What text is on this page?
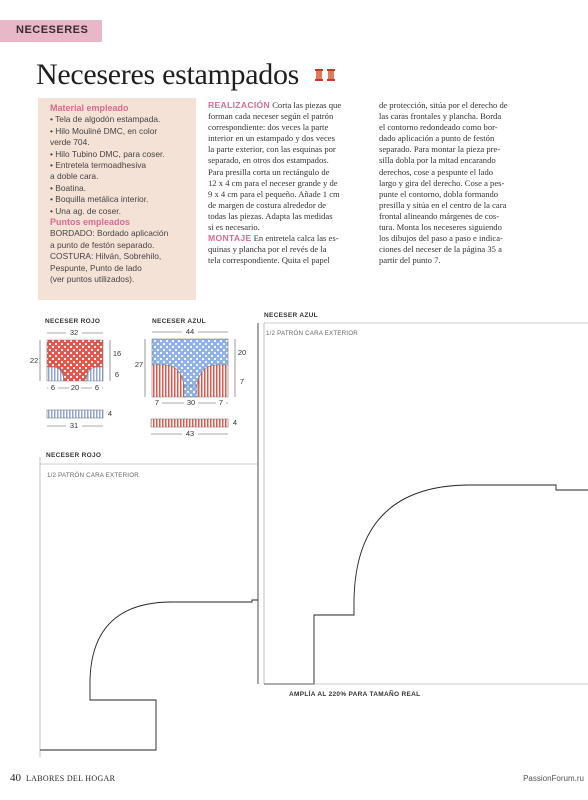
NECESERES
Neceseres estampados
Material empleado
• Tela de algodón estampada.
• Hilo Mouliné DMC, en color
verde 704.
• Hilo Tubino DMC, para coser.
• Entretela termoadhesiva
a doble cara.
• Boatina.
• Boquilla metálica interior.
• Una ag. de coser.
Puntos empleados
BORDADO: Bordado aplicación
a punto de festón separado.
COSTURA: Hilván, Sobrehilo,
Pespunte, Punto de lado
(ver puntos utilizados).
REALIZACIÓN Corta las piezas que
forman cada neceser según el patrón
correspondiente: dos veces la parte
interior en un estampado y dos veces
la parte exterior, con las esquinas por
separado, en otros dos estampados.
Para presilla corta un rectángulo de
12 x 4 cm para el neceser grande y de
9 x 4 cm para el pequeño. Añade 1 cm
de margen de costura alrededor de
todas las piezas. Adapta las medidas
si es necesario.
MONTAJE En entretela calca las es-
quinas y plancha por el revés de la
tela correspondiente. Quita el papel
de protección, sitúa por el derecho de
las caras frontales y plancha. Borda
el contorno redondeado como bor-
dado aplicación a punto de festón
separado. Para montar la pieza pre-
silla dobla por la mitad encarando
derechos, cose a pespunte el lado
largo y gira del derecho. Cose a pes-
punte el contorno, dobla formando
presilla y sitúa en el centro de la cara
frontal alineando márgenes de cos-
tura. Monta los neceseres siguiendo
los dibujos del paso a paso e indica-
ciones del neceser de la página 35 a
partir del punto 7.
NECESER ROJO
32
22
16
6
6	20	6
4
31
NECESER AZUL
44
27
20
7
7	30	7
4
43
NECESER AZUL
1/2 PATRÓN CARA EXTERIOR
NECESER ROJO
1/2 PATRÓN CARA EXTERIOR
AMPLÍA AL 220% PARA TAMAÑO REAL
40 LABORES DEL HOGAR	PassionForum.ru
